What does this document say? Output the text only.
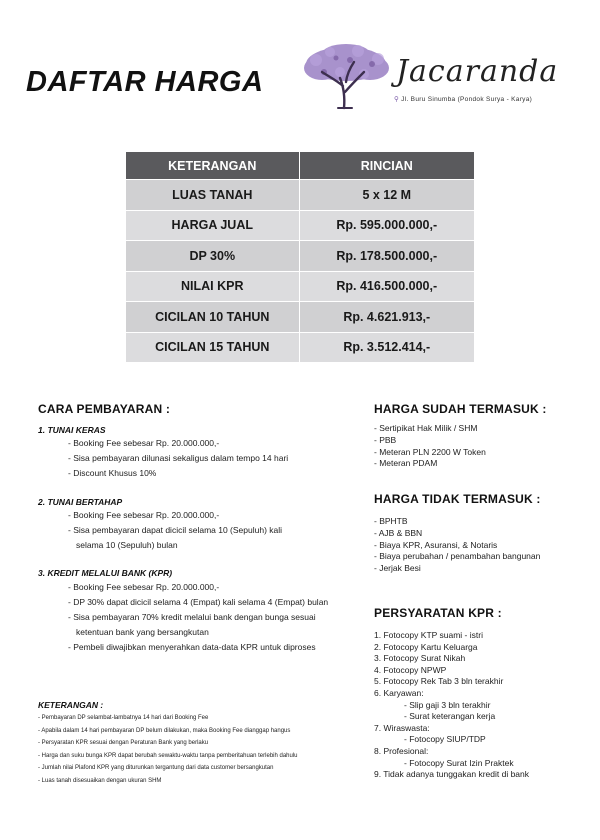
DAFTAR HARGA	Jacaranda
⚲ Jl. Buru Sinumba (Pondok Surya - Karya)
KETERANGAN	RINCIAN
LUAS TANAH	5 x 12 M
HARGA JUAL	Rp. 595.000.000,-
DP 30%	Rp. 178.500.000,-
NILAI KPR	Rp. 416.500.000,-
CICILAN 10 TAHUN	Rp. 4.621.913,-
CICILAN 15 TAHUN	Rp. 3.512.414,-
CARA PEMBAYARAN :
1. TUNAI KERAS
- Booking Fee sebesar Rp. 20.000.000,-
- Sisa pembayaran dilunasi sekaligus dalam tempo 14 hari
- Discount Khusus 10%
2. TUNAI BERTAHAP
- Booking Fee sebesar Rp. 20.000.000,-
- Sisa pembayaran dapat dicicil selama 10 (Sepuluh) kali
selama 10 (Sepuluh) bulan
3. KREDIT MELALUI BANK (KPR)
- Booking Fee sebesar Rp. 20.000.000,-
- DP 30% dapat dicicil selama 4 (Empat) kali selama 4 (Empat) bulan
- Sisa pembayaran 70% kredit melalui bank dengan bunga sesuai
ketentuan bank yang bersangkutan
- Pembeli diwajibkan menyerahkan data-data KPR untuk diproses
KETERANGAN :
- Pembayaran DP selambat-lambatnya 14 hari dari Booking Fee
- Apabila dalam 14 hari pembayaran DP belum dilakukan, maka Booking Fee dianggap hangus
- Persyaratan KPR sesuai dengan Peraturan Bank yang berlaku
- Harga dan suku bunga KPR dapat berubah sewaktu-waktu tanpa pemberitahuan terlebih dahulu
- Jumlah nilai Plafond KPR yang diturunkan tergantung dari data customer bersangkutan
- Luas tanah disesuaikan dengan ukuran SHM
HARGA SUDAH TERMASUK :
- Sertipikat Hak Milik / SHM
- PBB
- Meteran PLN 2200 W Token
- Meteran PDAM
HARGA TIDAK TERMASUK :
- BPHTB
- AJB & BBN
- Biaya KPR, Asuransi, & Notaris
- Biaya perubahan / penambahan bangunan
- Jerjak Besi
PERSYARATAN KPR :
1. Fotocopy KTP suami - istri
2. Fotocopy Kartu Keluarga
3. Fotocopy Surat Nikah
4. Fotocopy NPWP
5. Fotocopy Rek Tab 3 bln terakhir
6. Karyawan:
- Slip gaji 3 bln terakhir
- Surat keterangan kerja
7. Wiraswasta:
- Fotocopy SIUP/TDP
8. Profesional:
- Fotocopy Surat Izin Praktek
9. Tidak adanya tunggakan kredit di bank
